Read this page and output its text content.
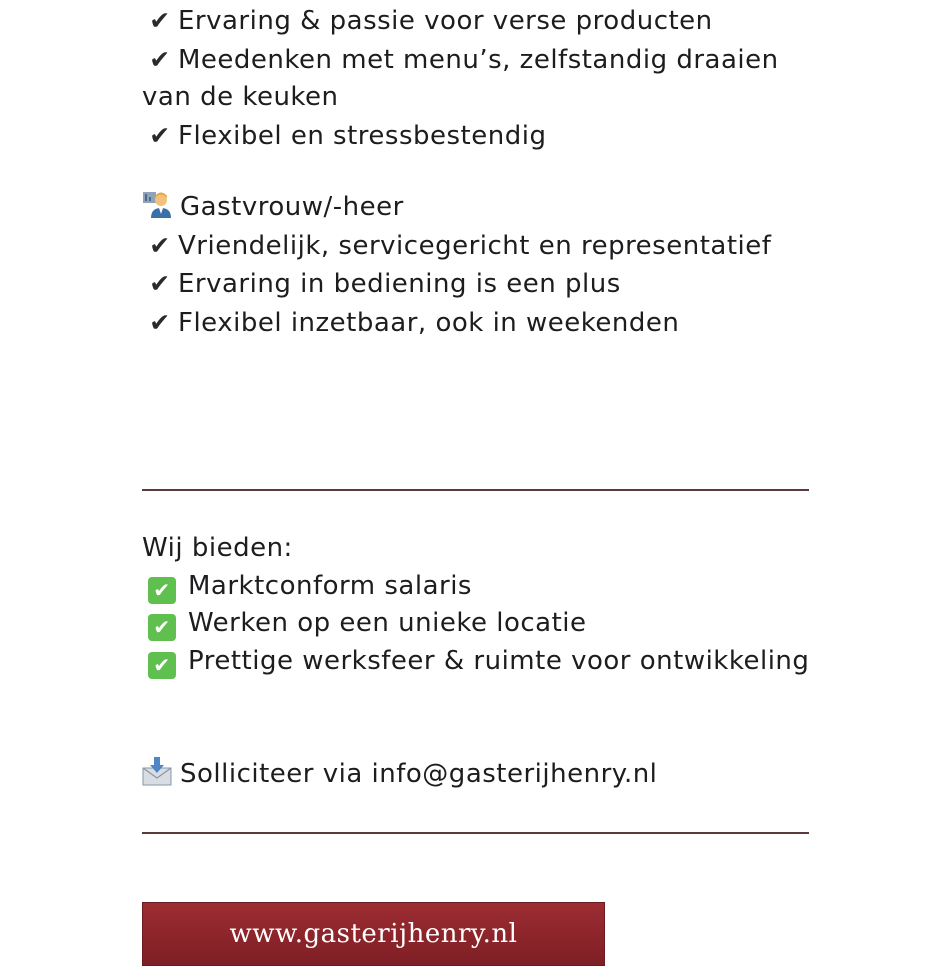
✔ Ervaring & passie voor verse producten

✔ Meedenken met menu’s, zelfstandig draaien van de keuken

✔ Flexibel en stressbestendig

Gastvrouw/-heer

✔ Vriendelijk, servicegericht en representatief

✔ Ervaring in bediening is een plus

✔ Flexibel inzetbaar, ook in weekenden

Wij bieden:

✔ Marktconform salaris

✔ Werken op een unieke locatie

✔ Prettige werksfeer & ruimte voor ontwikkeling

Solliciteer via info@gasterijhenry.nl

www.gasterijhenry.nl
